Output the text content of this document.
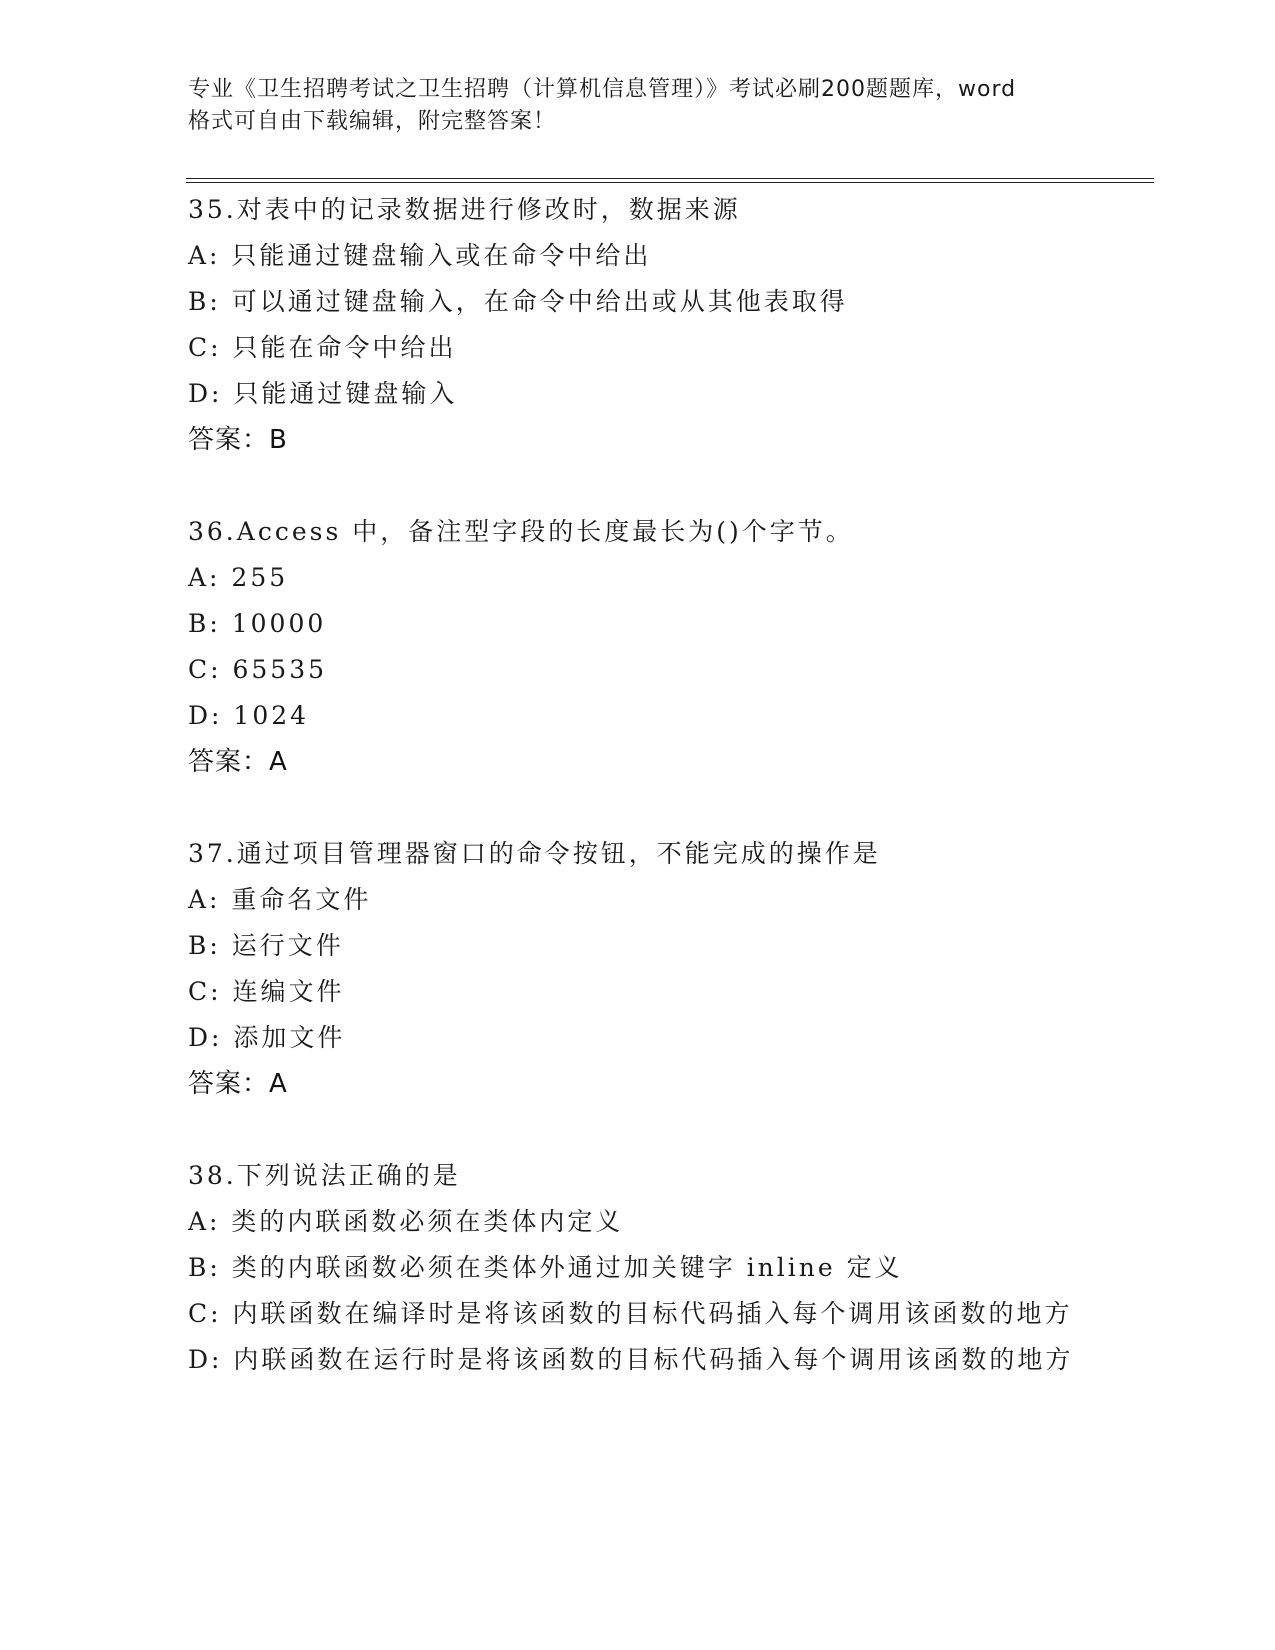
专业《卫生招聘考试之卫生招聘（计算机信息管理）》考试必刷200题题库，word
格式可自由下载编辑，附完整答案！

35.对表中的记录数据进行修改时，数据来源

A: 只能通过键盘输入或在命令中给出

B: 可以通过键盘输入，在命令中给出或从其他表取得

C: 只能在命令中给出

D: 只能通过键盘输入

答案：B

36.Access 中，备注型字段的长度最长为()个字节。

A: 255

B: 10000

C: 65535

D: 1024

答案：A

37.通过项目管理器窗口的命令按钮，不能完成的操作是

A: 重命名文件

B: 运行文件

C: 连编文件

D: 添加文件

答案：A

38.下列说法正确的是

A: 类的内联函数必须在类体内定义

B: 类的内联函数必须在类体外通过加关键字 inline 定义

C: 内联函数在编译时是将该函数的目标代码插入每个调用该函数的地方

D: 内联函数在运行时是将该函数的目标代码插入每个调用该函数的地方
